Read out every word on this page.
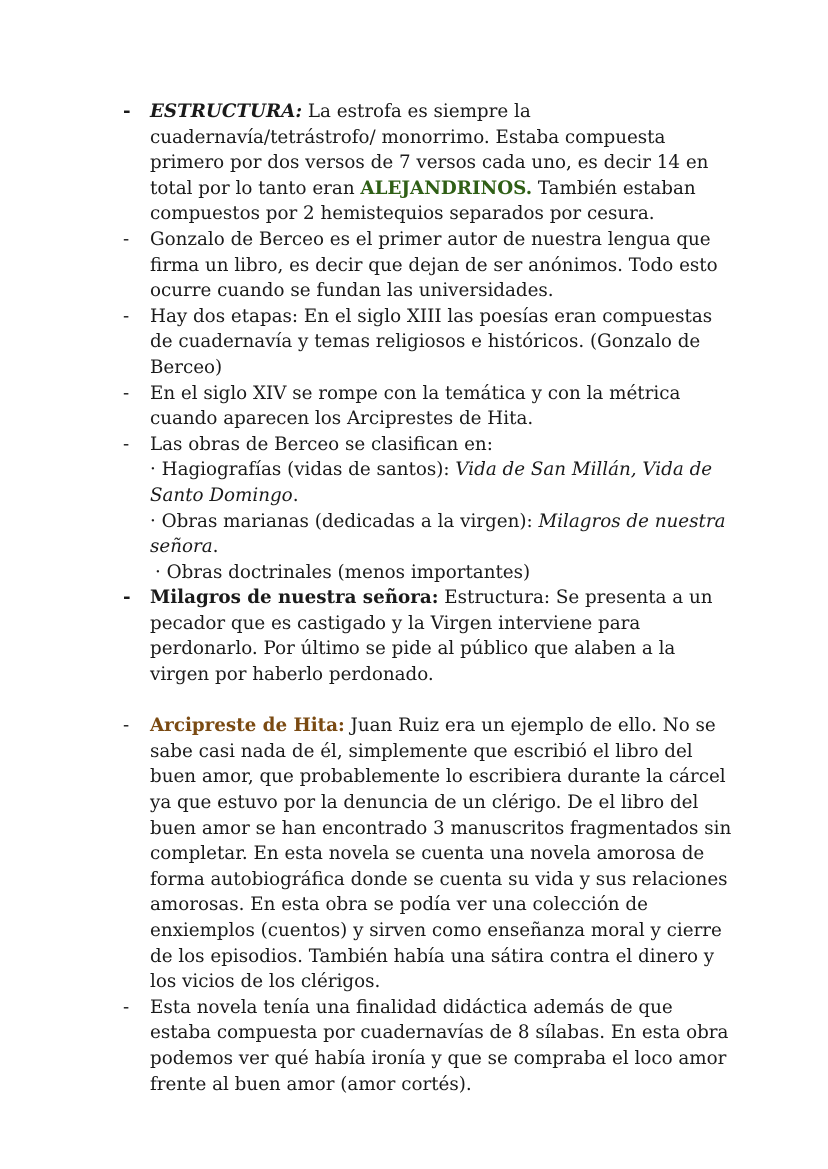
- ESTRUCTURA: La estrofa es siempre la cuadernavía/tetrástrofo/ monorrimo. Estaba compuesta primero por dos versos de 7 versos cada uno, es decir 14 en total por lo tanto eran ALEJANDRINOS. También estaban compuestos por 2 hemistequios separados por cesura.
- Gonzalo de Berceo es el primer autor de nuestra lengua que firma un libro, es decir que dejan de ser anónimos. Todo esto ocurre cuando se fundan las universidades.
- Hay dos etapas: En el siglo XIII las poesías eran compuestas de cuadernavía y temas religiosos e históricos. (Gonzalo de Berceo)
- En el siglo XIV se rompe con la temática y con la métrica cuando aparecen los Arciprestes de Hita.
- Las obras de Berceo se clasifican en:
· Hagiografías (vidas de santos): Vida de San Millán, Vida de Santo Domingo.
· Obras marianas (dedicadas a la virgen): Milagros de nuestra señora.
· Obras doctrinales (menos importantes)
- Milagros de nuestra señora: Estructura: Se presenta a un pecador que es castigado y la Virgen interviene para perdonarlo. Por último se pide al público que alaben a la virgen por haberlo perdonado.
- Arcipreste de Hita: Juan Ruiz era un ejemplo de ello. No se sabe casi nada de él, simplemente que escribió el libro del buen amor, que probablemente lo escribiera durante la cárcel ya que estuvo por la denuncia de un clérigo. De el libro del buen amor se han encontrado 3 manuscritos fragmentados sin completar. En esta novela se cuenta una novela amorosa de forma autobiográfica donde se cuenta su vida y sus relaciones amorosas. En esta obra se podía ver una colección de enxiemplos (cuentos) y sirven como enseñanza moral y cierre de los episodios. También había una sátira contra el dinero y los vicios de los clérigos.
- Esta novela tenía una finalidad didáctica además de que estaba compuesta por cuadernavías de 8 sílabas. En esta obra podemos ver qué había ironía y que se compraba el loco amor frente al buen amor (amor cortés).
